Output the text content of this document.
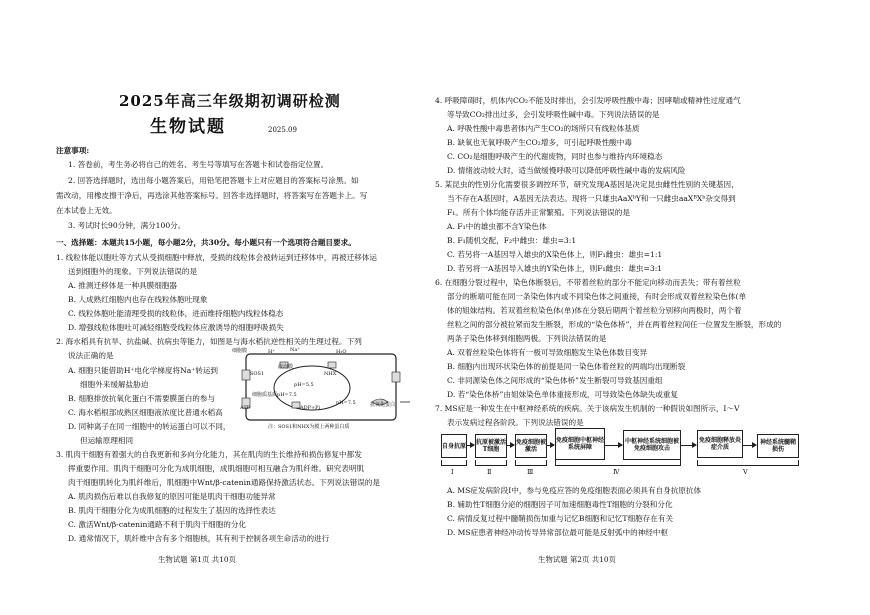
2025年高三年级期初调研检测
生物试题	2025.09
注意事项:
1. 答卷前，考生务必将自己的姓名、考生号等填写在答题卡和试卷指定位置。
2. 回答选择题时，选出每小题答案后，用铅笔把答题卡上对应题目的答案标号涂黑。如
需改动，用橡皮擦干净后，再选涂其他答案标号。回答非选择题时，将答案写在答题卡上。写
在本试卷上无效。
3. 考试时长90分钟，满分100分。
一、选择题：本题共15小题，每小题2分，共30分。每小题只有一个选项符合题目要求。
1. 线粒体能以胞吐等方式从受损细胞中释放，受损的线粒体会被转运到迁移体中，再被迁移体运
送到细胞外的现象。下列说法错误的是
A. 推测迁移体是一种具膜细胞器
B. 人成熟红细胞内也存在线粒体胞吐现象
C. 线粒体胞吐能清理受损的线粒体，进而维持细胞内线粒体稳态
D. 增强线粒体胞吐可减轻细胞受线粒体应激诱导的细胞呼吸损失
2. 海水稻具有抗旱、抗盐碱、抗病虫等能力，如图是与海水稻抗逆性相关的生理过程。下列
说法正确的是
A. 细胞只能借助H⁺电化学梯度将Na⁺转运到
细胞外来缓解盐胁迫
B. 细胞排放抗氧化蛋白不需要膜蛋白的参与
C. 海水稻根部成熟区细胞液浓度比普通水稻高
D. 同种离子在同一细胞中的转运蛋白可以不同，
但运输原理相同
细胞膜	H⁺	Na⁺	H₂O
液泡膜
SOS1	NHX
pH=5.5
细胞质基质pH=7.5
ATP	ADP+Pi
pH=7.5	抗氧化蛋白
注：SOS1和NHX为膜上两种蛋白质
3. 肌肉干细胞有着强大的自我更新和多向分化能力，其在肌肉的生长维持和损伤修复中都发
挥重要作用。肌肉干细胞可分化为成肌细胞，成肌细胞可相互融合为肌纤维。研究表明肌
肉干细胞肌转化为肌纤维后，肌细胞中Wnt/β-catenin通路保持激活状态。下列说法错误的是
A. 肌肉损伤后难以自我修复的原因可能是肌肉干细胞功能异常
B. 肌肉干细胞分化为成肌细胞的过程发生了基因的选择性表达
C. 激活Wnt/β-catenin通路不利于肌肉干细胞的分化
D. 通常情况下，肌纤维中含有多个细胞核，其有利于控制各项生命活动的进行
生物试题 第1页 共10页
4. 呼吸障碍时，机体内CO₂不能及时排出，会引发呼吸性酸中毒；因哮喘或精神性过度通气
等导致CO₂排出过多，会引发呼吸性碱中毒。下列说法错误的是
A. 呼吸性酸中毒患者体内产生CO₂的场所只有线粒体基质
B. 缺氧也无氧呼吸产生CO₂增多，可引起呼吸性酸中毒
C. CO₂是细胞呼吸产生的代谢废物，同时也参与维持内环境稳态
D. 情绪波动较大时，适当做缓慢呼吸可以降低呼吸性碱中毒的发病风险
5. 某昆虫的性别分化需要很多调控环节，研究发现A基因是决定昆虫雌性性别的关键基因，
当不存在A基因时，A基因无法表达。现将一只雄虫AaXᵇY和一只雌虫aaXᴮXᵇ杂交得到
F₁。所有个体均能存活并正常繁殖。下列说法错误的是
A. F₁中的雄虫都不含Y染色体
B. F₁随机交配，F₂中雌虫：雄虫=3:1
C. 若另将一A基因导入雄虫的X染色体上，则F₁雌虫：雄虫=1:1
D. 若另将一A基因导入雄虫的Y染色体上，则F₁雌虫：雄虫=3:1
6. 在细胞分裂过程中，染色体断裂后，不带着丝粒的部分不能定向移动而丢失；带有着丝粒
部分的断端可能在同一条染色体内或不同染色体之间重接，有时会形成双着丝粒染色体(单
体的姐妹结构。若双着丝粒染色体(单)体在分裂后期两个着丝粒分别移向两极时，两个着
丝粒之间的部分被拉紧而发生断裂，形成的“染色体桥”，并在两着丝粒间任一位置发生断裂，形成的
两条子染色体移到细胞两极。下列说法错误的是
A. 双着丝粒染色体将有一极可导致细胞发生染色体数目变异
B. 细胞内出现环状染色体的前提是同一染色体着丝粒的两端均出现断裂
C. 非同源染色体之间形成的“染色体桥”发生断裂可导致基因重组
D. 若“染色体桥”由姐妹染色单体重接形成，可导致染色体缺失或重复
7. MS症是一种发生在中枢神经系统的疾病。关于该病发生机制的一种假说如图所示，Ⅰ～Ⅴ
表示发病过程各阶段。下列说法错误的是
A. MS症发病阶段Ⅰ中，参与免疫应答的免疫细胞表面必须具有自身抗原抗体
B. 辅助性T细胞分泌的细胞因子可加速细胞毒性T细胞的分裂和分化
C. 病情反复过程中髓鞘损伤加重与记忆B细胞和记忆T细胞存在有关
D. MS症患者神经冲动传导异常部位最可能是反射弧中的神经中枢
生物试题 第2页 共10页
自身抗原 抗原被激活T细胞
免疫细胞被激活
免疫细胞中枢神经系统屏障
中枢神经系统细胞被免疫细胞攻击
免疫细胞释放炎症介质
神经系统髓鞘损伤
Ⅰ	Ⅱ	Ⅲ	Ⅳ	Ⅴ
